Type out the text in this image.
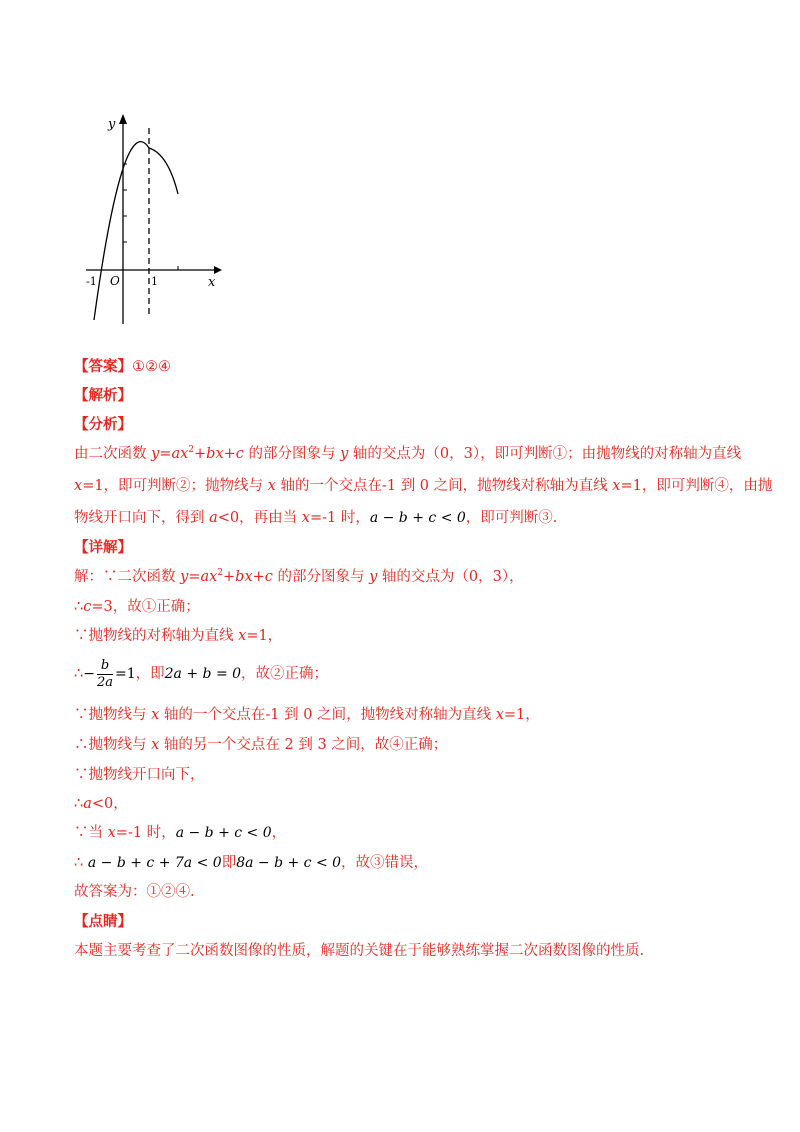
y
x
O
-1	1
【答案】①②④
【解析】
【分析】
由二次函数 $y=ax^2+bx+c$ 的部分图象与 y 轴的交点为（0，3），即可判断①；由抛物线的对称轴为直线
x=1，即可判断②；抛物线与 x 轴的一个交点在-1 到 0 之间，抛物线对称轴为直线 x=1，即可判断④，由抛
物线开口向下，得到 a<0，再由当 x=-1 时，a − b + c < 0，即可判断③.
【详解】
解：∵二次函数 $y=ax^2+bx+c$ 的部分图象与 y 轴的交点为（0，3），
∴c=3，故①正确；
∵抛物线的对称轴为直线 x=1，
∴− $\frac{b}{2a} =1$，即2a + b = 0，故②正确；
∵抛物线与 x 轴的一个交点在-1 到 0 之间，抛物线对称轴为直线 x=1，
∴抛物线与 x 轴的另一个交点在 2 到 3 之间，故④正确；
∵抛物线开口向下，
∴a<0，
∵当 x=-1 时，a − b + c < 0，
∴ a − b + c + 7a < 0即8a − b + c < 0，故③错误，
故答案为：①②④.
【点睛】
本题主要考查了二次函数图像的性质，解题的关键在于能够熟练掌握二次函数图像的性质.
